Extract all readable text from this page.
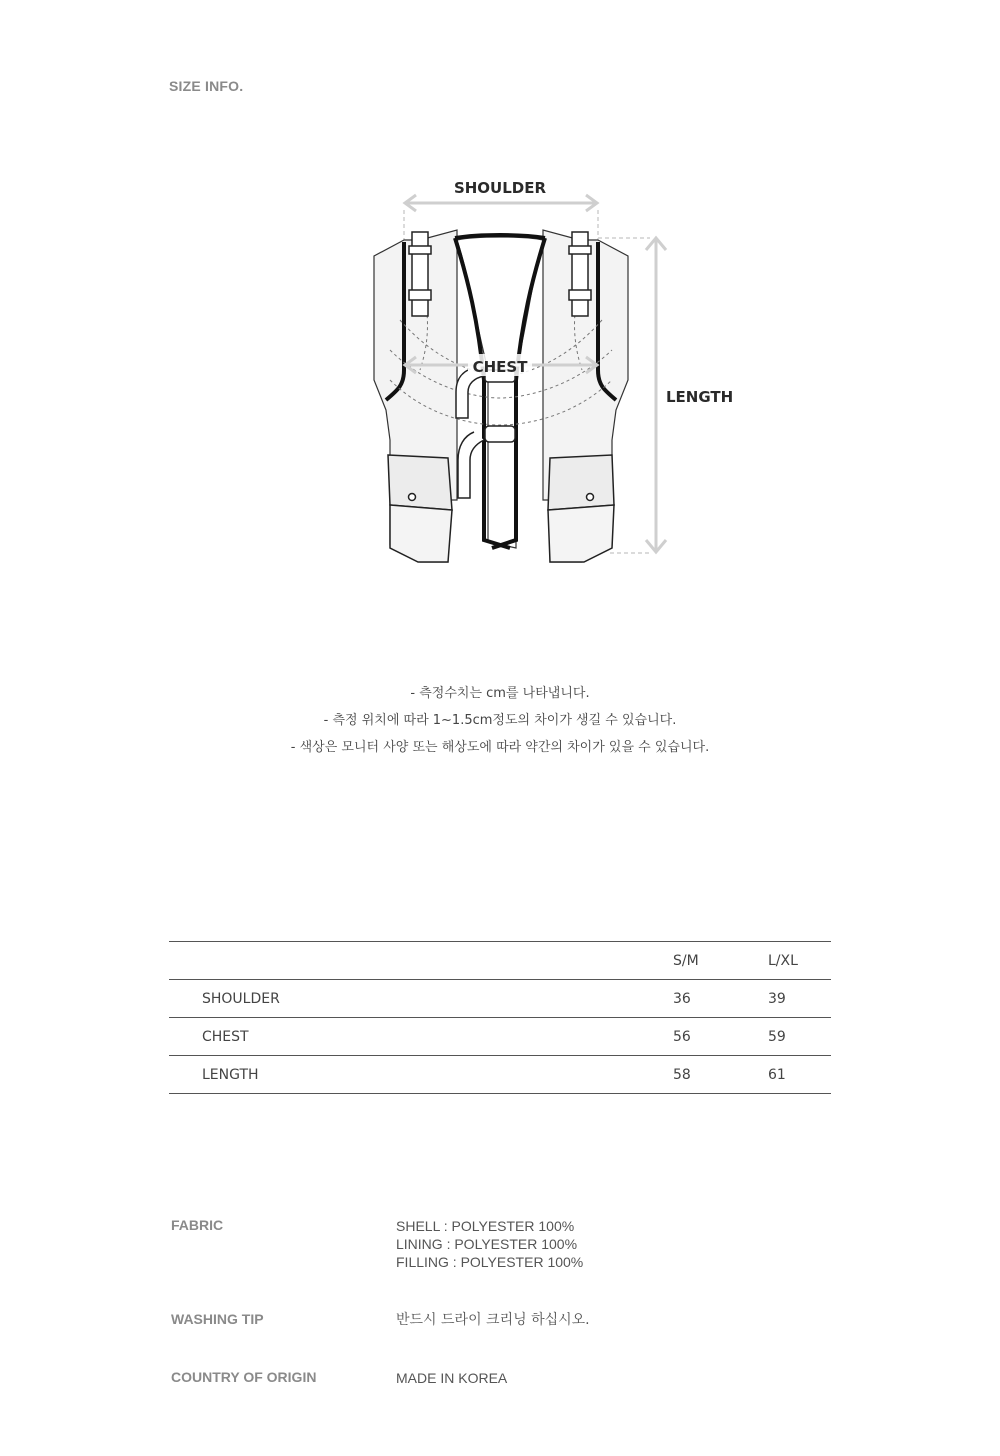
SIZE INFO.
SHOULDER
CHEST
LENGTH
- 측정수치는 cm를 나타냅니다.
- 측정 위치에 따라 1~1.5cm정도의 차이가 생길 수 있습니다.
- 색상은 모니터 사양 또는 해상도에 따라 약간의 차이가 있을 수 있습니다.
	S/M	L/XL
SHOULDER	36	39
CHEST	56	59
LENGTH	58	61
FABRIC	SHELL : POLYESTER 100%
LINING : POLYESTER 100%
FILLING : POLYESTER 100%
WASHING TIP	반드시 드라이 크리닝 하십시오.
COUNTRY OF ORIGIN	MADE IN KOREA
